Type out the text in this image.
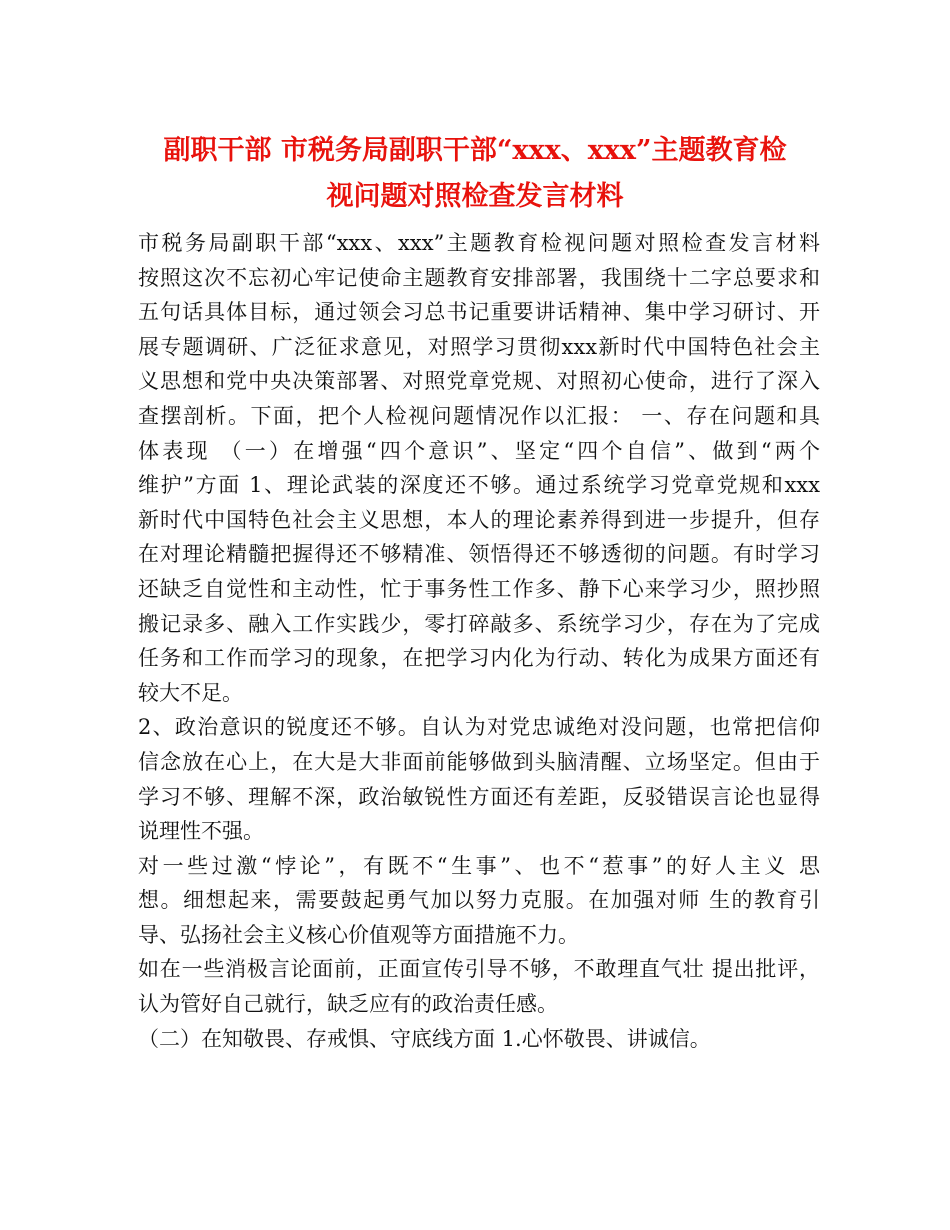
副职干部 市税务局副职干部“xxx、xxx”主题教育检
视问题对照检查发言材料
市税务局副职干部“xxx、xxx”主题教育检视问题对照检查发言材料
按照这次不忘初心牢记使命主题教育安排部署，我围绕十二字总要求和
五句话具体目标，通过领会习总书记重要讲话精神、集中学习研讨、开
展专题调研、广泛征求意见，对照学习贯彻xxx新时代中国特色社会主
义思想和党中央决策部署、对照党章党规、对照初心使命，进行了深入
查摆剖析。下面，把个人检视问题情况作以汇报： 一、存在问题和具
体表现 （一）在增强“四个意识”、坚定“四个自信”、做到“两个
维护”方面 1、理论武装的深度还不够。通过系统学习党章党规和xxx
新时代中国特色社会主义思想，本人的理论素养得到进一步提升，但存
在对理论精髓把握得还不够精准、领悟得还不够透彻的问题。有时学习
还缺乏自觉性和主动性，忙于事务性工作多、静下心来学习少，照抄照
搬记录多、融入工作实践少，零打碎敲多、系统学习少，存在为了完成
任务和工作而学习的现象，在把学习内化为行动、转化为成果方面还有
较大不足。
2、政治意识的锐度还不够。自认为对党忠诚绝对没问题，也常把信仰
信念放在心上，在大是大非面前能够做到头脑清醒、立场坚定。但由于
学习不够、理解不深，政治敏锐性方面还有差距，反驳错误言论也显得
说理性不强。
对一些过激“悖论”，有既不“生事”、也不“惹事”的好人主义 思
想。细想起来，需要鼓起勇气加以努力克服。在加强对师 生的教育引
导、弘扬社会主义核心价值观等方面措施不力。
如在一些消极言论面前，正面宣传引导不够，不敢理直气壮 提出批评，
认为管好自己就行，缺乏应有的政治责任感。
（二）在知敬畏、存戒惧、守底线方面 1.心怀敬畏、讲诚信。
